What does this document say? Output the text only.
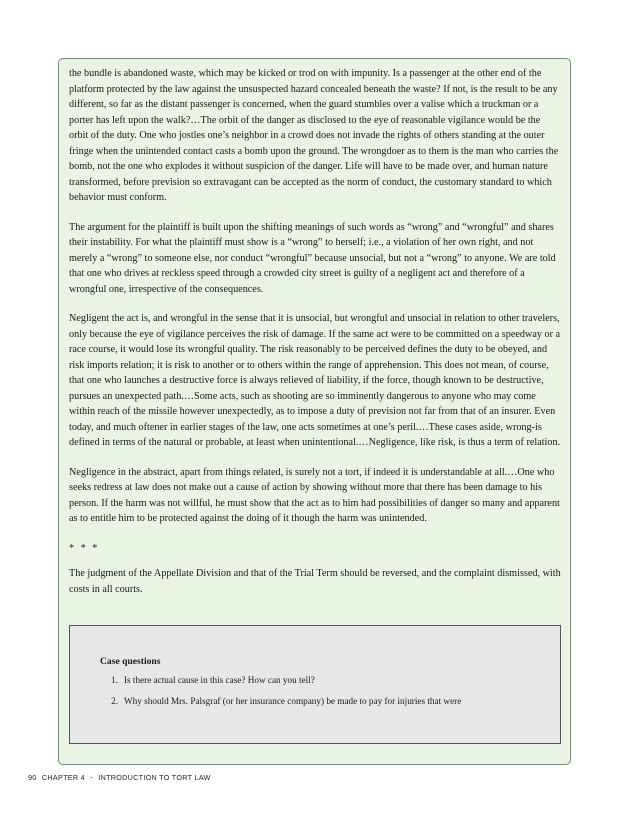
the bundle is abandoned waste, which may be kicked or trod on with impunity. Is a passenger at the other end of the platform protected by the law against the unsuspected hazard concealed beneath the waste? If not, is the result to be any different, so far as the distant passenger is concerned, when the guard stumbles over a valise which a truckman or a porter has left upon the walk?…The orbit of the danger as disclosed to the eye of reasonable vigilance would be the orbit of the duty. One who jostles one’s neighbor in a crowd does not invade the rights of others standing at the outer fringe when the unintended contact casts a bomb upon the ground. The wrongdoer as to them is the man who carries the bomb, not the one who explodes it without suspicion of the danger. Life will have to be made over, and human nature transformed, before prevision so extravagant can be accepted as the norm of conduct, the customary standard to which behavior must conform.

The argument for the plaintiff is built upon the shifting meanings of such words as “wrong” and “wrongful” and shares their instability. For what the plaintiff must show is a “wrong” to herself; i.e., a violation of her own right, and not merely a “wrong” to someone else, nor conduct “wrongful” because unsocial, but not a “wrong” to anyone. We are told that one who drives at reckless speed through a crowded city street is guilty of a negligent act and therefore of a wrongful one, irrespective of the consequences.

Negligent the act is, and wrongful in the sense that it is unsocial, but wrongful and unsocial in relation to other travelers, only because the eye of vigilance perceives the risk of damage. If the same act were to be committed on a speedway or a race course, it would lose its wrongful quality. The risk reasonably to be perceived defines the duty to be obeyed, and risk imports relation; it is risk to another or to others within the range of apprehension. This does not mean, of course, that one who launches a destructive force is always relieved of liability, if the force, though known to be destructive, pursues an unexpected path.…Some acts, such as shooting are so imminently dangerous to anyone who may come within reach of the missile however unexpectedly, as to impose a duty of prevision not far from that of an insurer. Even today, and much oftener in earlier stages of the law, one acts sometimes at one’s peril.…These cases aside, wrong-is defined in terms of the natural or probable, at least when unintentional.…Negligence, like risk, is thus a term of relation.

Negligence in the abstract, apart from things related, is surely not a tort, if indeed it is understandable at all.…One who seeks redress at law does not make out a cause of action by showing without more that there has been damage to his person. If the harm was not willful, he must show that the act as to him had possibilities of danger so many and apparent as to entitle him to be protected against the doing of it though the harm was unintended.

* * *

The judgment of the Appellate Division and that of the Trial Term should be reversed, and the complaint dismissed, with costs in all courts.

Case questions
1. Is there actual cause in this case? How can you tell?
2. Why should Mrs. Palsgraf (or her insurance company) be made to pay for injuries that were
90 CHAPTER 4 - INTRODUCTION TO TORT LAW
